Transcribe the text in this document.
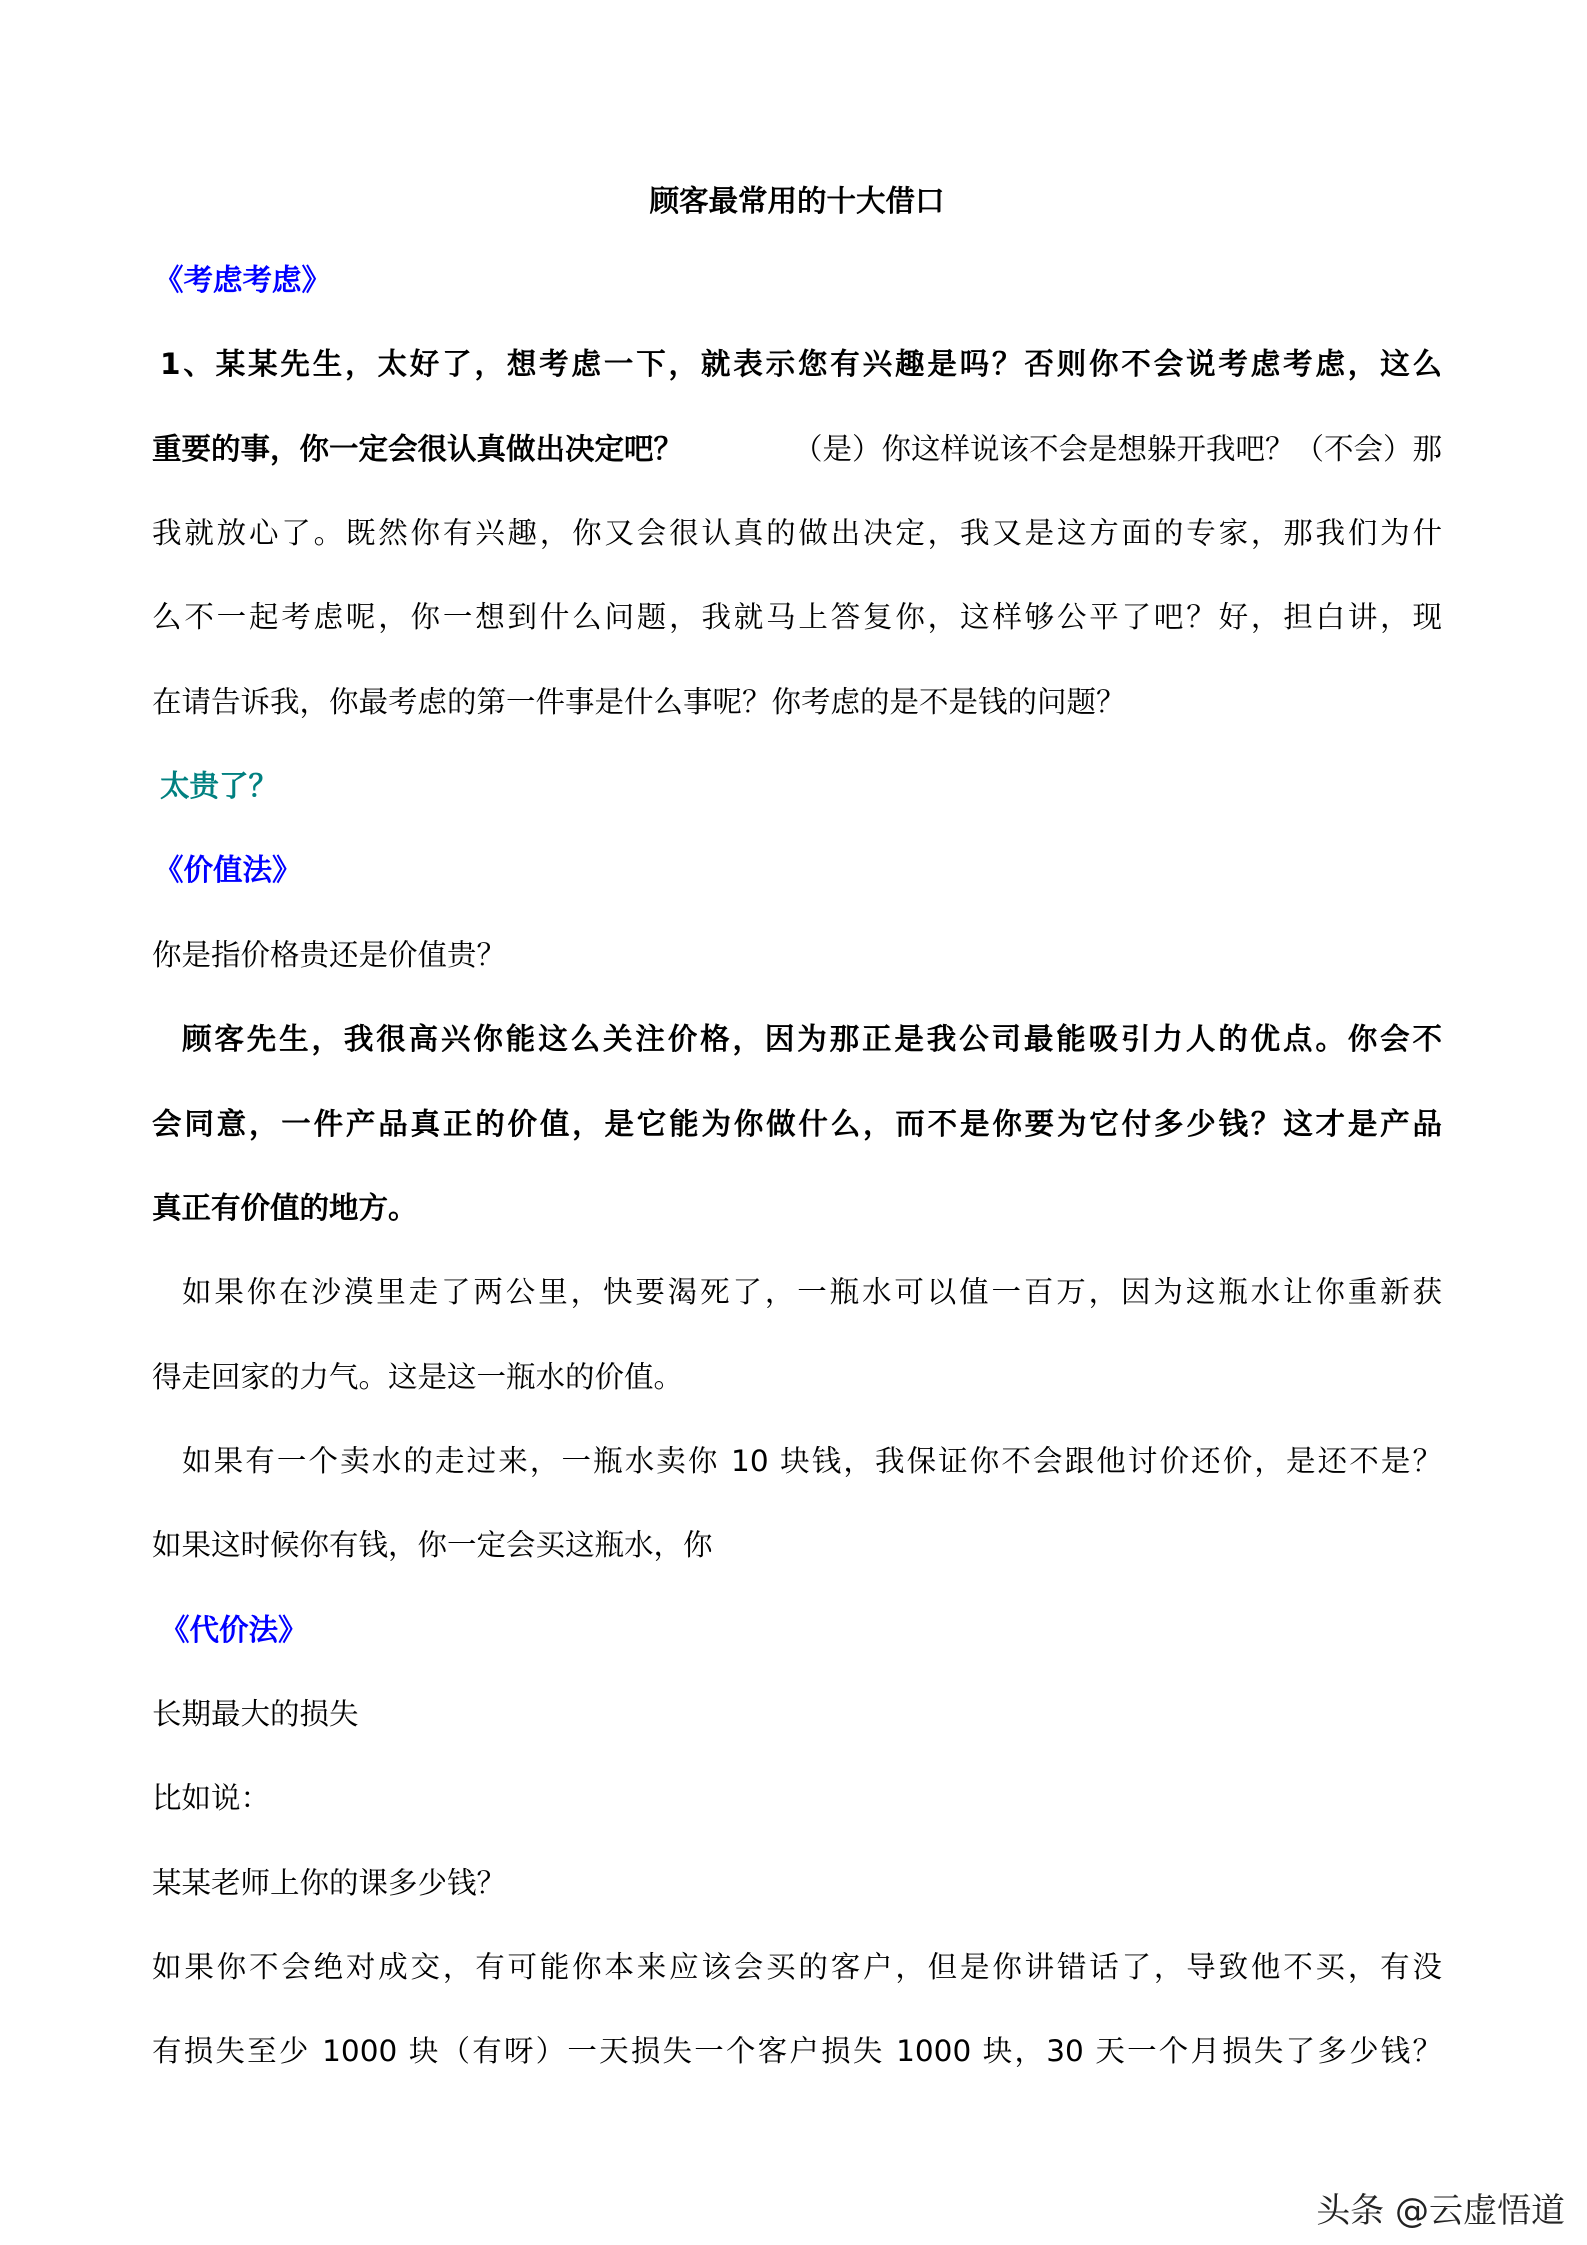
顾客最常用的十大借口
《考虑考虑》
1、某某先生，太好了，想考虑一下，就表示您有兴趣是吗？否则你不会说考虑考虑，这么
重要的事，你一定会很认真做出决定吧？	（是）你这样说该不会是想躲开我吧？（不会）那
我就放心了。既然你有兴趣，你又会很认真的做出决定，我又是这方面的专家，那我们为什
么不一起考虑呢，你一想到什么问题，我就马上答复你，这样够公平了吧？好，担白讲，现
在请告诉我，你最考虑的第一件事是什么事呢？你考虑的是不是钱的问题？
太贵了？
《价值法》
你是指价格贵还是价值贵？
顾客先生，我很高兴你能这么关注价格，因为那正是我公司最能吸引力人的优点。你会不
会同意，一件产品真正的价值，是它能为你做什么，而不是你要为它付多少钱？这才是产品
真正有价值的地方。
如果你在沙漠里走了两公里，快要渴死了，一瓶水可以值一百万，因为这瓶水让你重新获
得走回家的力气。这是这一瓶水的价值。
如果有一个卖水的走过来，一瓶水卖你 10 块钱，我保证你不会跟他讨价还价，是还不是？
如果这时候你有钱，你一定会买这瓶水，你
《代价法》
长期最大的损失
比如说：
某某老师上你的课多少钱？
如果你不会绝对成交，有可能你本来应该会买的客户，但是你讲错话了，导致他不买，有没
有损失至少 1000 块（有呀）一天损失一个客户损失 1000 块，30 天一个月损失了多少钱？
头条 @云虚悟道
